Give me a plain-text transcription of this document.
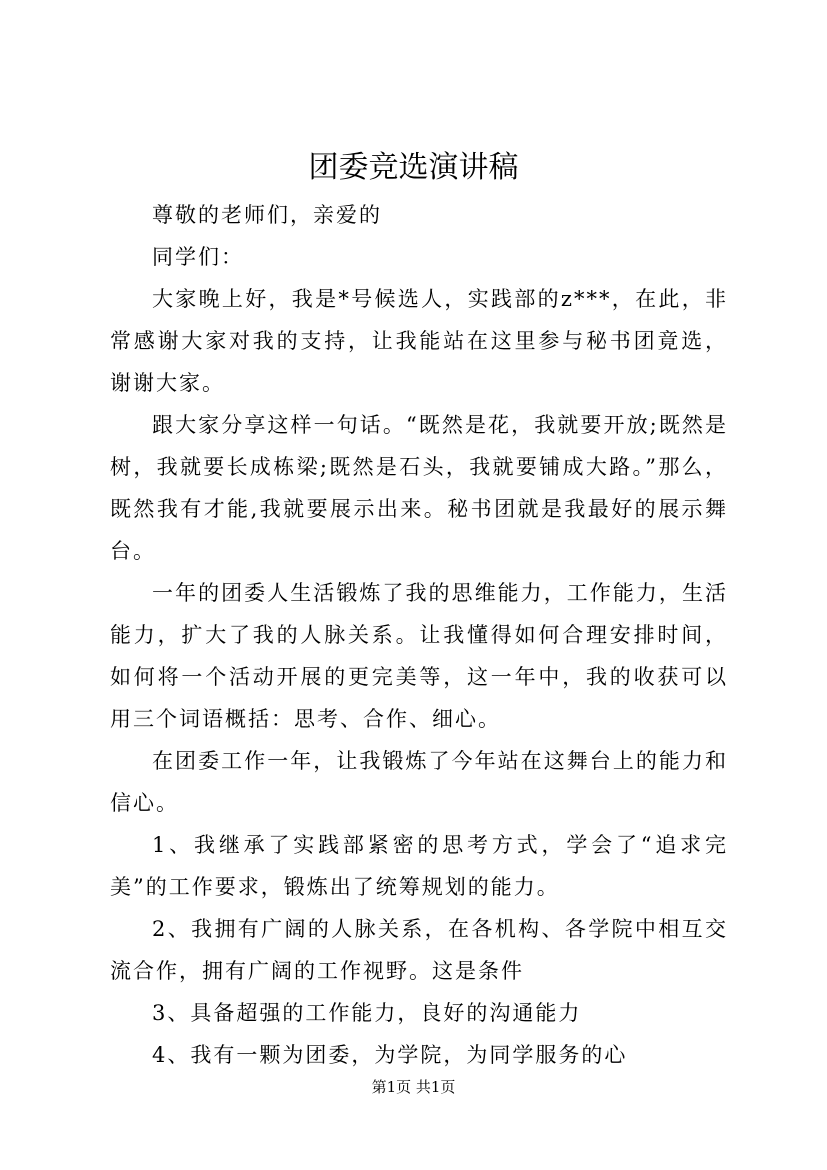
团委竞选演讲稿

尊敬的老师们，亲爱的

同学们：

大家晚上好，我是*号候选人，实践部的z***，在此，非常感谢大家对我的支持，让我能站在这里参与秘书团竟选，谢谢大家。

跟大家分享这样一句话。“既然是花，我就要开放;既然是树，我就要长成栋梁;既然是石头，我就要铺成大路。”那么，既然我有才能,我就要展示出来。秘书团就是我最好的展示舞台。

一年的团委人生活锻炼了我的思维能力，工作能力，生活能力，扩大了我的人脉关系。让我懂得如何合理安排时间，如何将一个活动开展的更完美等，这一年中，我的收获可以用三个词语概括：思考、合作、细心。

在团委工作一年，让我锻炼了今年站在这舞台上的能力和信心。

1、我继承了实践部紧密的思考方式，学会了“追求完美”的工作要求，锻炼出了统筹规划的能力。

2、我拥有广阔的人脉关系，在各机构、各学院中相互交流合作，拥有广阔的工作视野。这是条件

3、具备超强的工作能力，良好的沟通能力

4、我有一颗为团委，为学院，为同学服务的心

第1页 共1页
